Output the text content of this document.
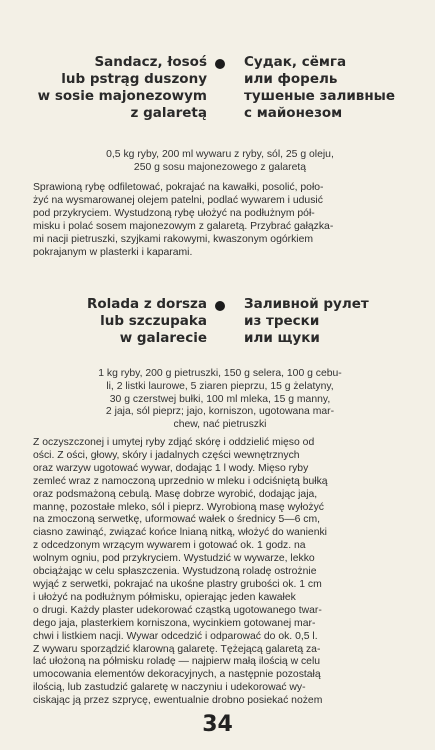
Sandacz, łosoś
lub pstrąg duszony
w sosie majonezowym
z galaretą
Судак, сёмга
или форель
тушеные заливные
с майонезом
0,5 kg ryby, 200 ml wywaru z ryby, sól, 25 g oleju,
250 g sosu majonezowego z galaretą
Sprawioną rybę odfiletować, pokrajać na kawałki, posolić, poło-
żyć na wysmarowanej olejem patelni, podlać wywarem i udusić
pod przykryciem. Wystudzoną rybę ułożyć na podłużnym pół-
misku i polać sosem majonezowym z galaretą. Przybrać gałązka-
mi nacji pietruszki, szyjkami rakowymi, kwaszonym ogórkiem
pokrajanym w plasterki i kaparami.
Rolada z dorsza
lub szczupaka
w galarecie
Заливной рулет
из трески
или щуки
1 kg ryby, 200 g pietruszki, 150 g selera, 100 g cebu-
li, 2 listki laurowe, 5 ziaren pieprzu, 15 g żelatyny,
30 g czerstwej bułki, 100 ml mleka, 15 g manny,
2 jaja, sól pieprz; jajo, korniszon, ugotowana mar-
chew, nać pietruszki
Z oczyszczonej i umytej ryby zdjąć skórę i oddzielić mięso od
ości. Z ości, głowy, skóry i jadalnych części wewnętrznych
oraz warzyw ugotować wywar, dodając 1 l wody. Mięso ryby
zemleć wraz z namoczoną uprzednio w mleku i odciśniętą bułką
oraz podsmażoną cebulą. Masę dobrze wyrobić, dodając jaja,
mannę, pozostałe mleko, sól i pieprz. Wyrobioną masę wyłożyć
na zmoczoną serwetkę, uformować wałek o średnicy 5—6 cm,
ciasno zawinąć, związać końce lnianą nitką, włożyć do wanienki
z odcedzonym wrzącym wywarem i gotować ok. 1 godz. na
wolnym ogniu, pod przykryciem. Wystudzić w wywarze, lekko
obciążając w celu spłaszczenia. Wystudzoną roladę ostrożnie
wyjąć z serwetki, pokrajać na ukośne plastry grubości ok. 1 cm
i ułożyć na podłużnym półmisku, opierając jeden kawałek
o drugi. Każdy plaster udekorować cząstką ugotowanego twar-
dego jaja, plasterkiem korniszona, wycinkiem gotowanej mar-
chwi i listkiem nacji. Wywar odcedzić i odparować do ok. 0,5 l.
Z wywaru sporządzić klarowną galaretę. Tężejącą galaretą za-
lać ułożoną na półmisku roladę — najpierw małą ilością w celu
umocowania elementów dekoracyjnych, a następnie pozostałą
ilością, lub zastudzić galaretę w naczyniu i udekorować wy-
ciskając ją przez szprycę, ewentualnie drobno posiekać nożem
34
